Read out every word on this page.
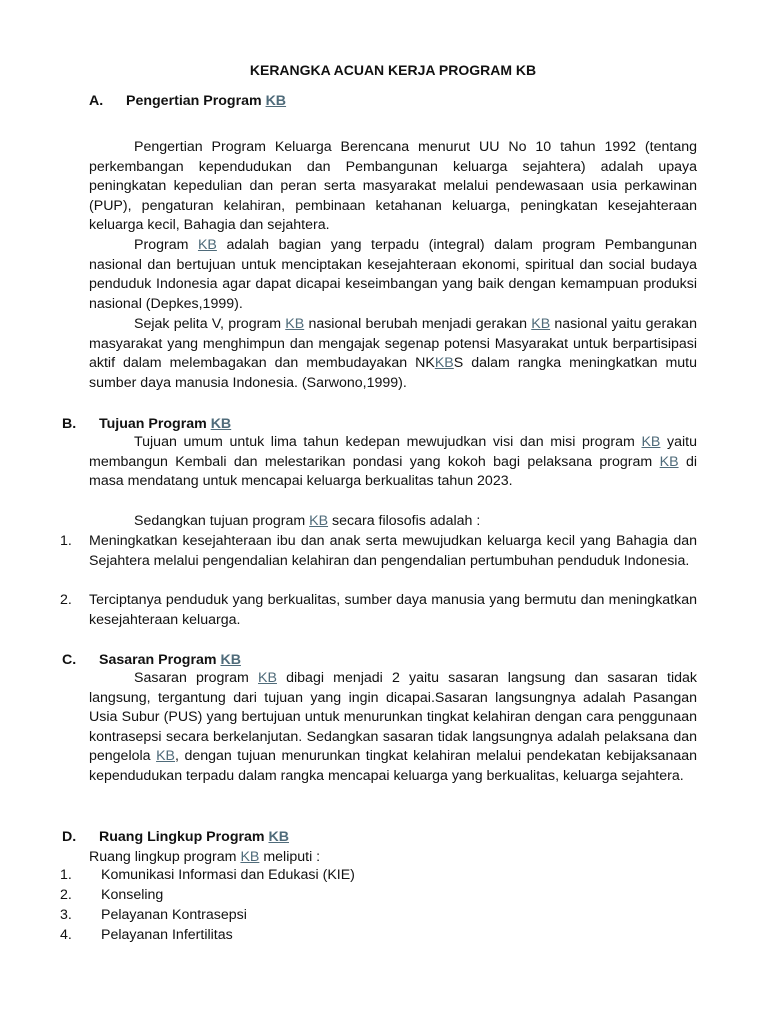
KERANGKA ACUAN KERJA PROGRAM KB
A. Pengertian Program KB
Pengertian Program Keluarga Berencana menurut UU No 10 tahun 1992 (tentang perkembangan kependudukan dan Pembangunan keluarga sejahtera) adalah upaya peningkatan kepedulian dan peran serta masyarakat melalui pendewasaan usia perkawinan (PUP), pengaturan kelahiran, pembinaan ketahanan keluarga, peningkatan kesejahteraan keluarga kecil, Bahagia dan sejahtera.
Program KB adalah bagian yang terpadu (integral) dalam program Pembangunan nasional dan bertujuan untuk menciptakan kesejahteraan ekonomi, spiritual dan social budaya penduduk Indonesia agar dapat dicapai keseimbangan yang baik dengan kemampuan produksi nasional (Depkes,1999).
Sejak pelita V, program KB nasional berubah menjadi gerakan KB nasional yaitu gerakan masyarakat yang menghimpun dan mengajak segenap potensi Masyarakat untuk berpartisipasi aktif dalam melembagakan dan membudayakan NKKBS dalam rangka meningkatkan mutu sumber daya manusia Indonesia. (Sarwono,1999).
B. Tujuan Program KB
Tujuan umum untuk lima tahun kedepan mewujudkan visi dan misi program KB yaitu membangun Kembali dan melestarikan pondasi yang kokoh bagi pelaksana program KB di masa mendatang untuk mencapai keluarga berkualitas tahun 2023.
Sedangkan tujuan program KB secara filosofis adalah :
1. Meningkatkan kesejahteraan ibu dan anak serta mewujudkan keluarga kecil yang Bahagia dan Sejahtera melalui pengendalian kelahiran dan pengendalian pertumbuhan penduduk Indonesia.
2. Terciptanya penduduk yang berkualitas, sumber daya manusia yang bermutu dan meningkatkan kesejahteraan keluarga.
C. Sasaran Program KB
Sasaran program KB dibagi menjadi 2 yaitu sasaran langsung dan sasaran tidak langsung, tergantung dari tujuan yang ingin dicapai.Sasaran langsungnya adalah Pasangan Usia Subur (PUS) yang bertujuan untuk menurunkan tingkat kelahiran dengan cara penggunaan kontrasepsi secara berkelanjutan. Sedangkan sasaran tidak langsungnya adalah pelaksana dan pengelola KB, dengan tujuan menurunkan tingkat kelahiran melalui pendekatan kebijaksanaan kependudukan terpadu dalam rangka mencapai keluarga yang berkualitas, keluarga sejahtera.
D. Ruang Lingkup Program KB
Ruang lingkup program KB meliputi :
1. Komunikasi Informasi dan Edukasi (KIE)
2. Konseling
3. Pelayanan Kontrasepsi
4. Pelayanan Infertilitas
